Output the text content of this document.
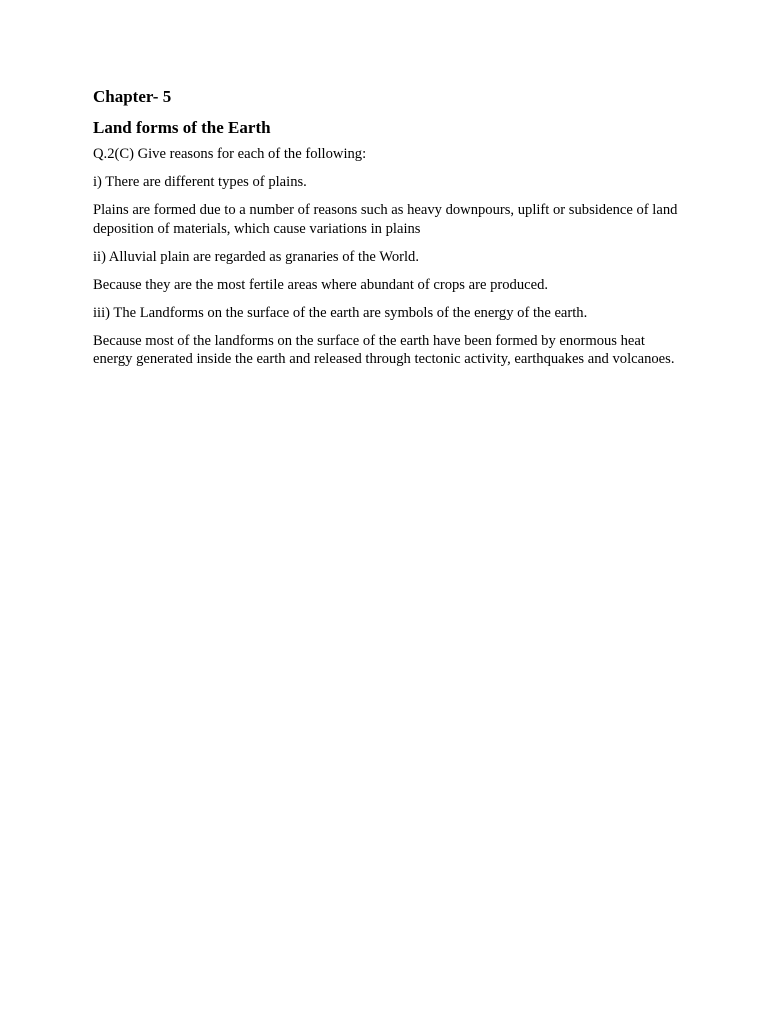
Chapter- 5
Land forms of the Earth

Q.2(C) Give reasons for each of the following:

i) There are different types of plains.

Plains are formed due to a number of reasons such as heavy downpours, uplift or subsidence of land deposition of materials, which cause variations in plains

ii) Alluvial plain are regarded as granaries of the World.

Because they are the most fertile areas where abundant of crops are produced.

iii) The Landforms on the surface of the earth are symbols of the energy of the earth.

Because most of the landforms on the surface of the earth have been formed by enormous heat energy generated inside the earth and released through tectonic activity, earthquakes and volcanoes.
